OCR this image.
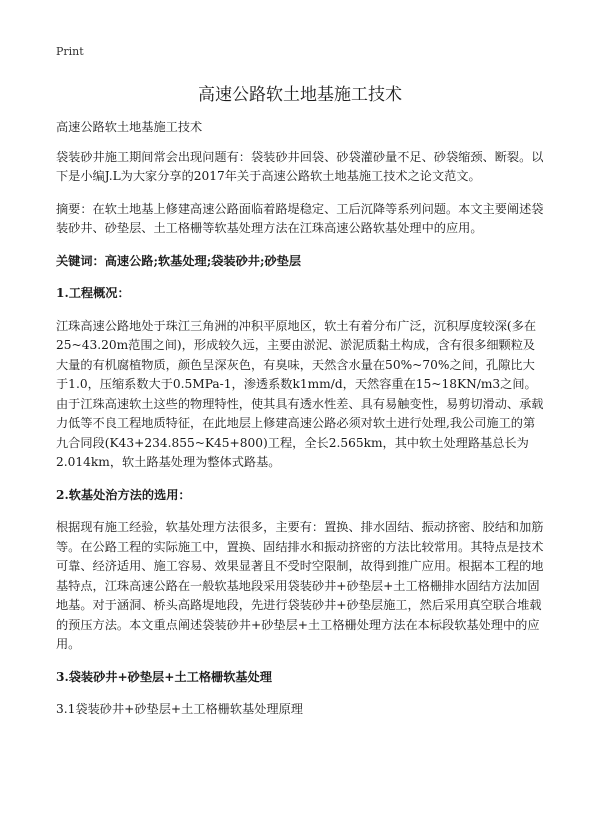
Print
高速公路软土地基施工技术

高速公路软土地基施工技术

袋装砂井施工期间常会出现问题有：袋装砂井回袋、砂袋灌砂量不足、砂袋缩颈、断裂。以下是小编J.L为大家分享的2017年关于高速公路软土地基施工技术之论文范文。

摘要：在软土地基上修建高速公路面临着路堤稳定、工后沉降等系列问题。本文主要阐述袋装砂井、砂垫层、土工格栅等软基处理方法在江珠高速公路软基处理中的应用。

关键词：高速公路;软基处理;袋装砂井;砂垫层

1.工程概况：

江珠高速公路地处于珠江三角洲的冲积平原地区，软土有着分布广泛，沉积厚度较深(多在25~43.20m范围之间)，形成较久远，主要由淤泥、淤泥质黏土构成，含有很多细颗粒及大量的有机腐植物质，颜色呈深灰色，有臭味，天然含水量在50%~70%之间，孔隙比大于1.0，压缩系数大于0.5MPa-1，渗透系数k1mm/d，天然容重在15~18KN/m3之间。由于江珠高速软土这些的物理特性，使其具有透水性差、具有易触变性，易剪切滑动、承载力低等不良工程地质特征，在此地层上修建高速公路必须对软土进行处理,我公司施工的第九合同段(K43+234.855~K45+800)工程，全长2.565km，其中软土处理路基总长为2.014km，软土路基处理为整体式路基。

2.软基处治方法的选用：

根据现有施工经验，软基处理方法很多，主要有：置换、排水固结、振动挤密、胶结和加筋等。在公路工程的实际施工中，置换、固结排水和振动挤密的方法比较常用。其特点是技术可靠、经济适用、施工容易、效果显著且不受时空限制，故得到推广应用。根据本工程的地基特点，江珠高速公路在一般软基地段采用袋装砂井+砂垫层+土工格栅排水固结方法加固地基。对于涵洞、桥头高路堤地段，先进行袋装砂井+砂垫层施工，然后采用真空联合堆载的预压方法。本文重点阐述袋装砂井+砂垫层+土工格栅处理方法在本标段软基处理中的应用。

3.袋装砂井+砂垫层+土工格栅软基处理

3.1袋装砂井+砂垫层+土工格栅软基处理原理
